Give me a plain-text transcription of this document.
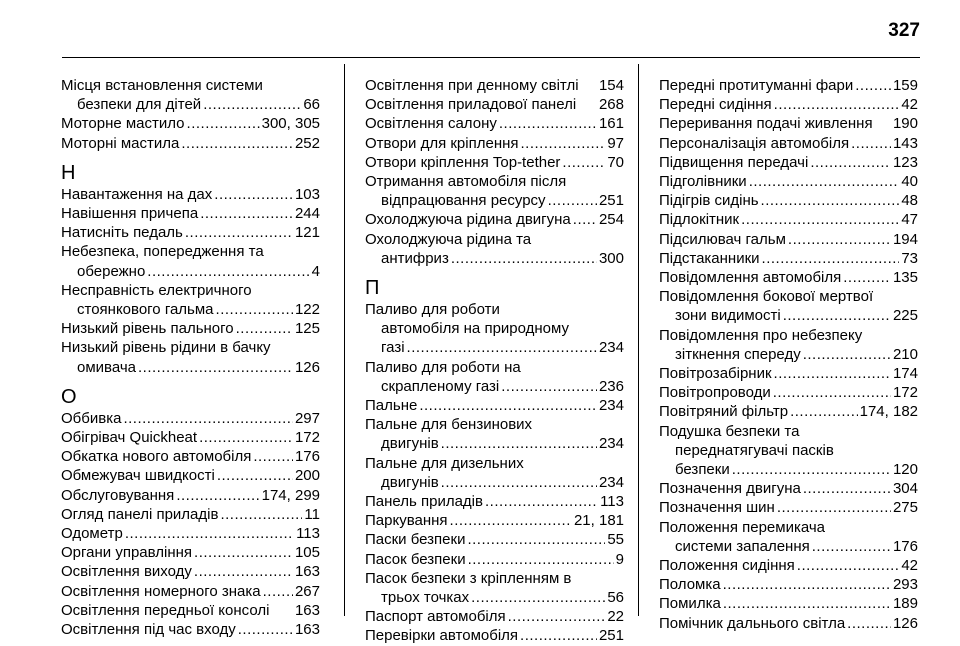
327
Місця встановлення системи
безпеки для дітей .....	66
Моторне мастило .....	300, 305
Моторні мастила .....	252
Н
Навантаження на дах .....	103
Навішення причепа .....	244
Натисніть педаль .....	121
Небезпека, попередження та
обережно .....	4
Несправність електричного
стоянкового гальма .....	122
Низький рівень пального .....	125
Низький рівень рідини в бачку
омивача .....	126
О
Оббивка .....	297
Обігрівач Quickheat .....	172
Обкатка нового автомобіля .....	176
Обмежувач швидкості .....	200
Обслуговування .....	174, 299
Огляд панелі приладів .....	11
Одометр .....	113
Органи управління .....	105
Освітлення виходу .....	163
Освітлення номерного знака ..... 267
Освітлення передньої консолі 163
Освітлення під час входу .....	163
Освітлення при денному світлі 154
Освітлення приладової панелі 268
Освітлення салону .....	161
Отвори для кріплення .....	97
Отвори кріплення Top-tether .....	70
Отримання автомобіля після
відпрацювання ресурсу .....	251
Охолоджуюча рідина двигуна ..... 254
Охолоджуюча рідина та
антифриз .....	300
П
Паливо для роботи
автомобіля на природному
газі .....	234
Паливо для роботи на
скрапленому газі .....	236
Пальне .....	234
Пальне для бензинових
двигунів .....	234
Пальне для дизельних
двигунів .....	234
Панель приладів .....	113
Паркування .....	21, 181
Паски безпеки .....	55
Пасок безпеки .....	9
Пасок безпеки з кріпленням в
трьох точках .....	56
Паспорт автомобіля .....	22
Перевірки автомобіля .....	251
Передні протитуманні фари .....	159
Передні сидіння .....	42
Переривання подачі живлення 190
Персоналізація автомобіля .....	143
Підвищення передачі .....	123
Підголівники .....	40
Підігрів сидінь .....	48
Підлокітник .....	47
Підсилювач гальм .....	194
Підстаканники .....	73
Повідомлення автомобіля .....	135
Повідомлення бокової мертвої
зони видимості .....	225
Повідомлення про небезпеку
зіткнення спереду .....	210
Повітрозабірник .....	174
Повітропроводи .....	172
Повітряний фільтр .....	174, 182
Подушка безпеки та
переднатягувачі пасків
безпеки .....	120
Позначення двигуна .....	304
Позначення шин .....	275
Положення перемикача
системи запалення .....	176
Положення сидіння .....	42
Поломка .....	293
Помилка .....	189
Помічник дальнього світла .....	126
